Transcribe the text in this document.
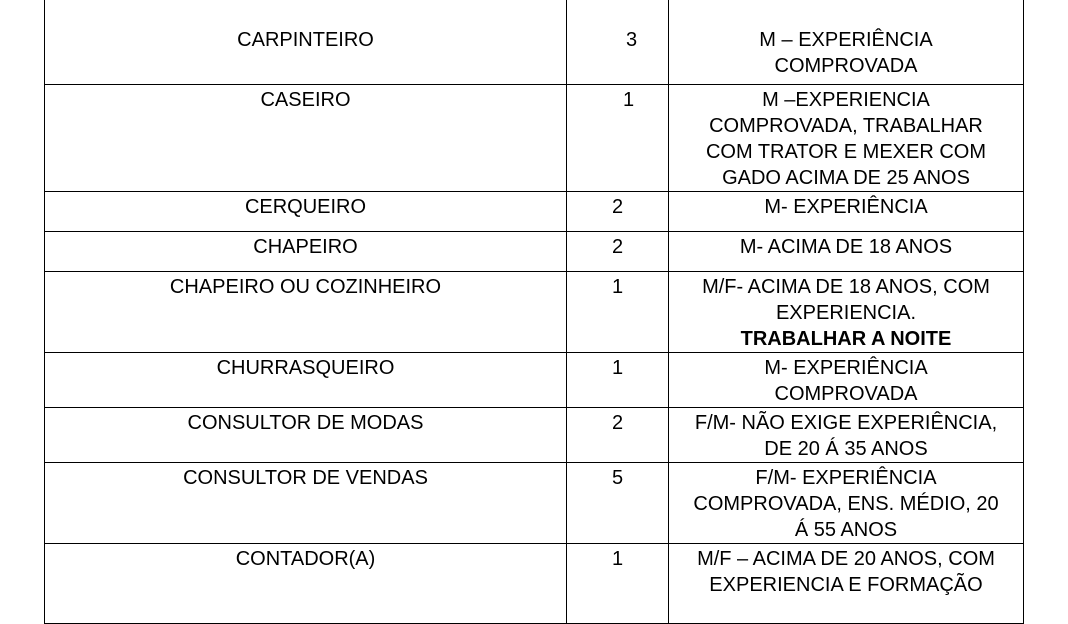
CARPINTEIRO	3	M – EXPERIÊNCIA
COMPROVADA

CASEIRO	1	M –EXPERIENCIA
COMPROVADA, TRABALHAR
COM TRATOR E MEXER COM
GADO ACIMA DE 25 ANOS

CERQUEIRO	2	M- EXPERIÊNCIA

CHAPEIRO	2	M- ACIMA DE 18 ANOS

CHAPEIRO OU COZINHEIRO	1	M/F- ACIMA DE 18 ANOS, COM
EXPERIENCIA.
TRABALHAR A NOITE

CHURRASQUEIRO	1	M- EXPERIÊNCIA
COMPROVADA

CONSULTOR DE MODAS	2	F/M- NÃO EXIGE EXPERIÊNCIA,
DE 20 Á 35 ANOS

CONSULTOR DE VENDAS	5	F/M- EXPERIÊNCIA
COMPROVADA, ENS. MÉDIO, 20
Á 55 ANOS

CONTADOR(A)	1	M/F – ACIMA DE 20 ANOS, COM
EXPERIENCIA E FORMAÇÃO
